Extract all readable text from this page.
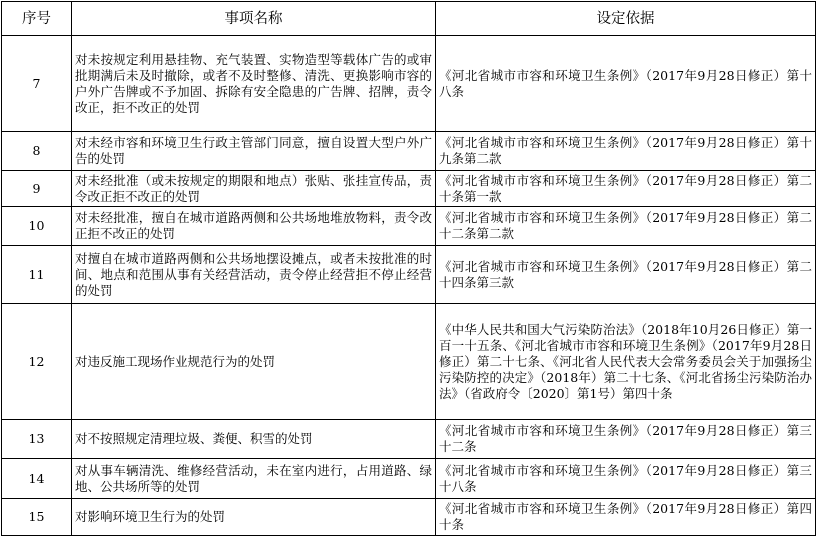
序号	事项名称	设定依据
7	对未按规定利用悬挂物、充气装置、实物造型等载体广告的或审批期满后未及时撤除，或者不及时整修、清洗、更换影响市容的户外广告牌或不予加固、拆除有安全隐患的广告牌、招牌，责令改正，拒不改正的处罚	《河北省城市市容和环境卫生条例》（2017年9月28日修正）第十八条
8	对未经市容和环境卫生行政主管部门同意，擅自设置大型户外广告的处罚	《河北省城市市容和环境卫生条例》（2017年9月28日修正）第十九条第二款
9	对未经批准（或未按规定的期限和地点）张贴、张挂宣传品，责令改正拒不改正的处罚	《河北省城市市容和环境卫生条例》（2017年9月28日修正）第二十条第一款
10	对未经批准，擅自在城市道路两侧和公共场地堆放物料，责令改正拒不改正的处罚	《河北省城市市容和环境卫生条例》（2017年9月28日修正）第二十二条第二款
11	对擅自在城市道路两侧和公共场地摆设摊点，或者未按批准的时间、地点和范围从事有关经营活动，责令停止经营拒不停止经营的处罚	《河北省城市市容和环境卫生条例》（2017年9月28日修正）第二十四条第三款
12	对违反施工现场作业规范行为的处罚	《中华人民共和国大气污染防治法》（2018年10月26日修正）第一百一十五条、《河北省城市市容和环境卫生条例》（2017年9月28日修正）第二十七条、《河北省人民代表大会常务委员会关于加强扬尘污染防控的决定》（2018年）第二十七条、《河北省扬尘污染防治办法》（省政府令〔2020〕第1号）第四十条
13	对不按照规定清理垃圾、粪便、积雪的处罚	《河北省城市市容和环境卫生条例》（2017年9月28日修正）第三十二条
14	对从事车辆清洗、维修经营活动，未在室内进行，占用道路、绿地、公共场所等的处罚	《河北省城市市容和环境卫生条例》（2017年9月28日修正）第三十八条
15	对影响环境卫生行为的处罚	《河北省城市市容和环境卫生条例》（2017年9月28日修正）第四十条
